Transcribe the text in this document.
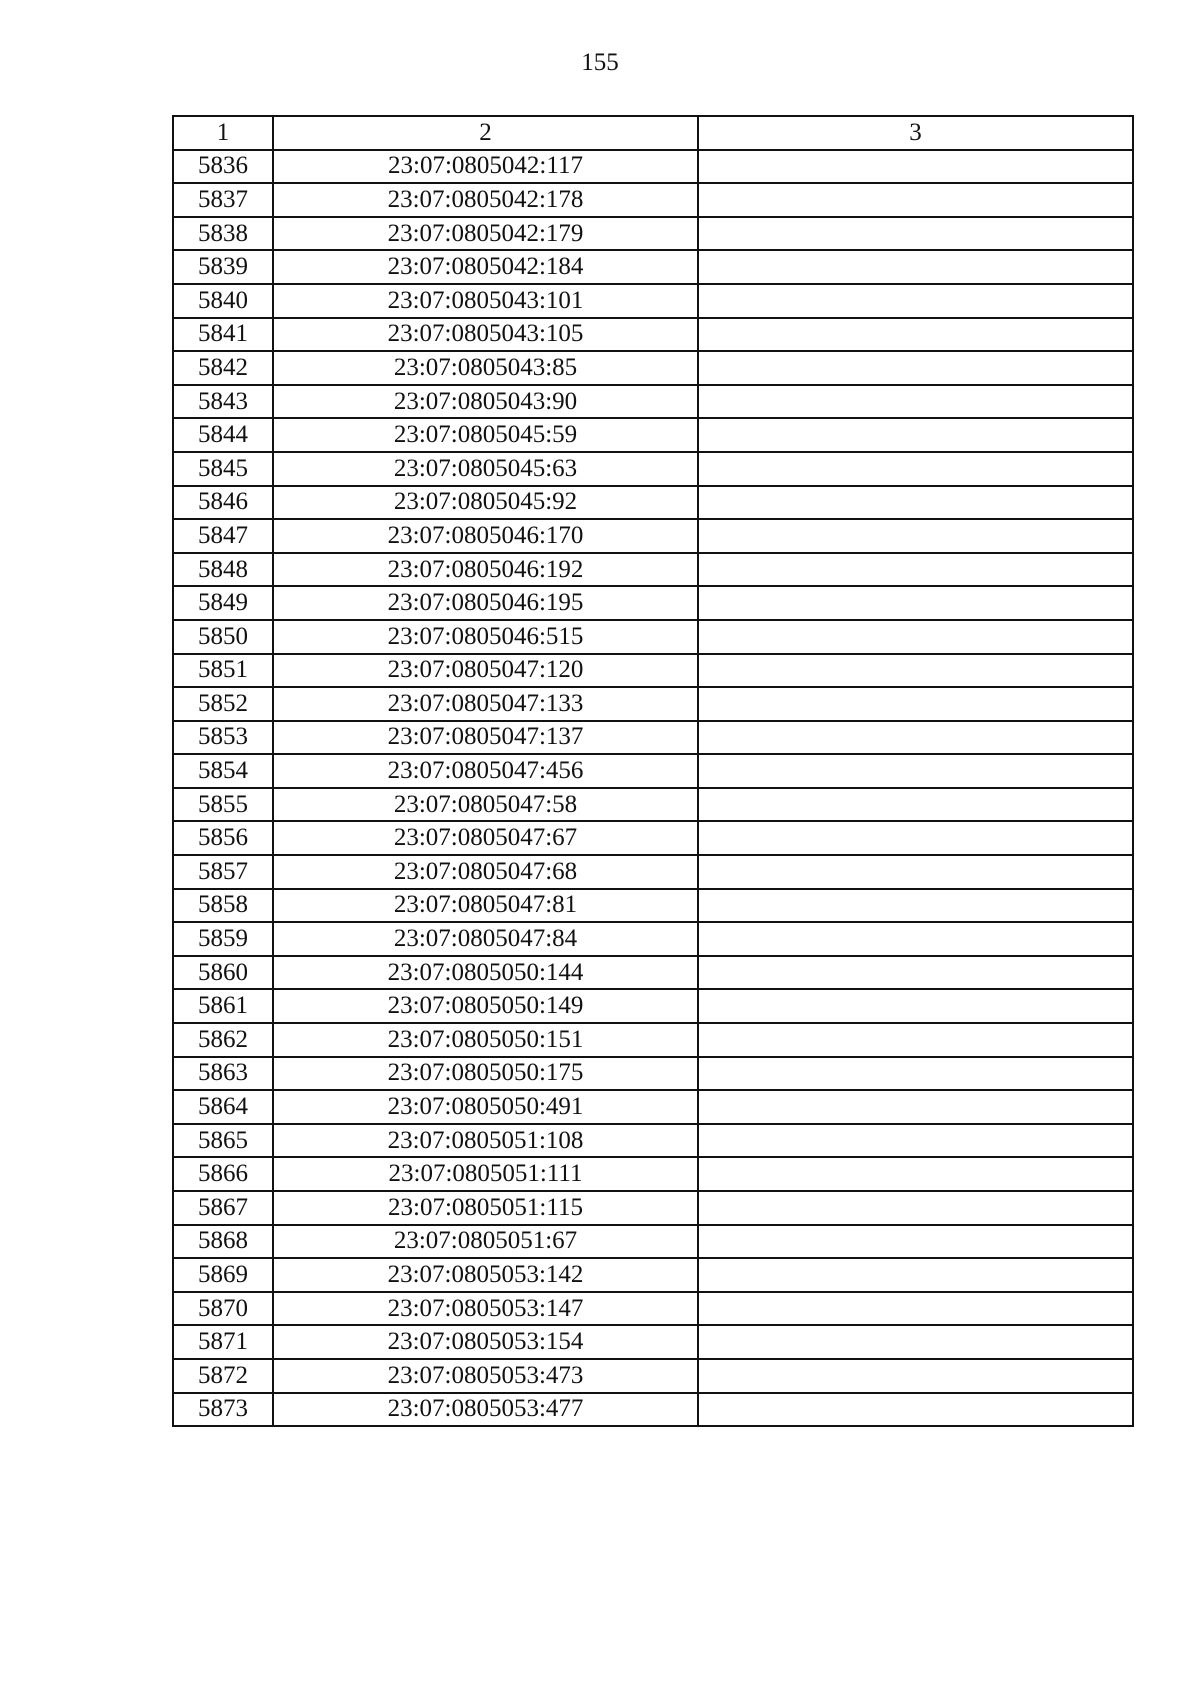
155
1	2	3
5836	23:07:0805042:117	
5837	23:07:0805042:178	
5838	23:07:0805042:179	
5839	23:07:0805042:184	
5840	23:07:0805043:101	
5841	23:07:0805043:105	
5842	23:07:0805043:85	
5843	23:07:0805043:90	
5844	23:07:0805045:59	
5845	23:07:0805045:63	
5846	23:07:0805045:92	
5847	23:07:0805046:170	
5848	23:07:0805046:192	
5849	23:07:0805046:195	
5850	23:07:0805046:515	
5851	23:07:0805047:120	
5852	23:07:0805047:133	
5853	23:07:0805047:137	
5854	23:07:0805047:456	
5855	23:07:0805047:58	
5856	23:07:0805047:67	
5857	23:07:0805047:68	
5858	23:07:0805047:81	
5859	23:07:0805047:84	
5860	23:07:0805050:144	
5861	23:07:0805050:149	
5862	23:07:0805050:151	
5863	23:07:0805050:175	
5864	23:07:0805050:491	
5865	23:07:0805051:108	
5866	23:07:0805051:111	
5867	23:07:0805051:115	
5868	23:07:0805051:67	
5869	23:07:0805053:142	
5870	23:07:0805053:147	
5871	23:07:0805053:154	
5872	23:07:0805053:473	
5873	23:07:0805053:477	
